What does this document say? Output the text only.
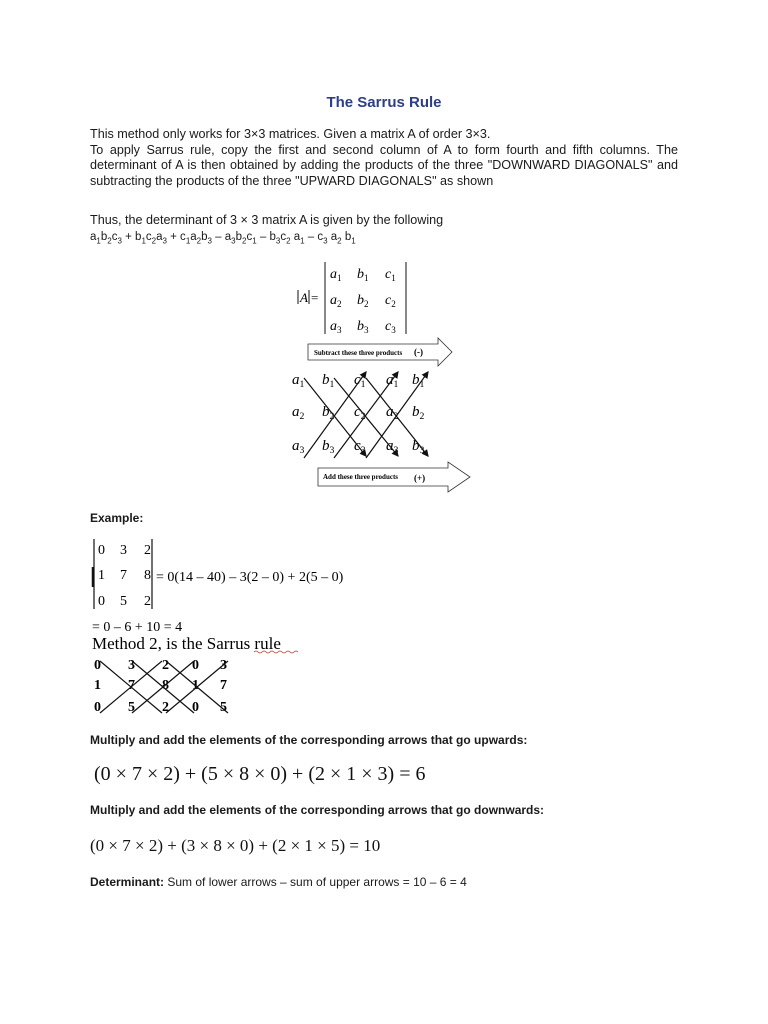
The Sarrus Rule

This method only works for 3×3 matrices. Given a matrix A of order 3×3.

To apply Sarrus rule, copy the first and second column of A to form fourth and fifth columns. The determinant of A is then obtained by adding the products of the three "DOWNWARD DIAGONALS" and subtracting the products of the three "UPWARD DIAGONALS" as shown

Thus, the determinant of 3 × 3 matrix A is given by the following
$a_1b_2c_3 + b_1c_2a_3 + c_1a_2b_3 - a_3b_2c_1 - b_3c_2$ $a_1 - c_3$ $a_2$ $b_1$
A =
$a_1$ $b_1$ $c_1$
$a_2$ $b_2$ $c_2$
$a_3$ $b_3$ $c_3$
Subtract these three products (-)
$a_1$ $b_1$ $c_1$ $a_1$ $b_1$
$a_2$ $b_2$ $c_2$ $a_2$ $b_2$
$a_3$ $b_3$ $c_3$ $a_3$ $b_3$
Add these three products (+)
Example:
0 3 2
1 7 8
0 5 2
= 0(14 – 40) – 3(2 – 0) + 2(5 – 0)
= 0 – 6 + 10 = 4
Method 2, is the Sarrus rule
0 3 2 0 3
1 7 8 1 7
0 5 2 0 5
Multiply and add the elements of the corresponding arrows that go upwards:
(0 × 7 × 2) + (5 × 8 × 0) + (2 × 1 × 3) = 6
Multiply and add the elements of the corresponding arrows that go downwards:
(0 × 7 × 2) + (3 × 8 × 0) + (2 × 1 × 5) = 10
Determinant: Sum of lower arrows – sum of upper arrows = 10 – 6 = 4
